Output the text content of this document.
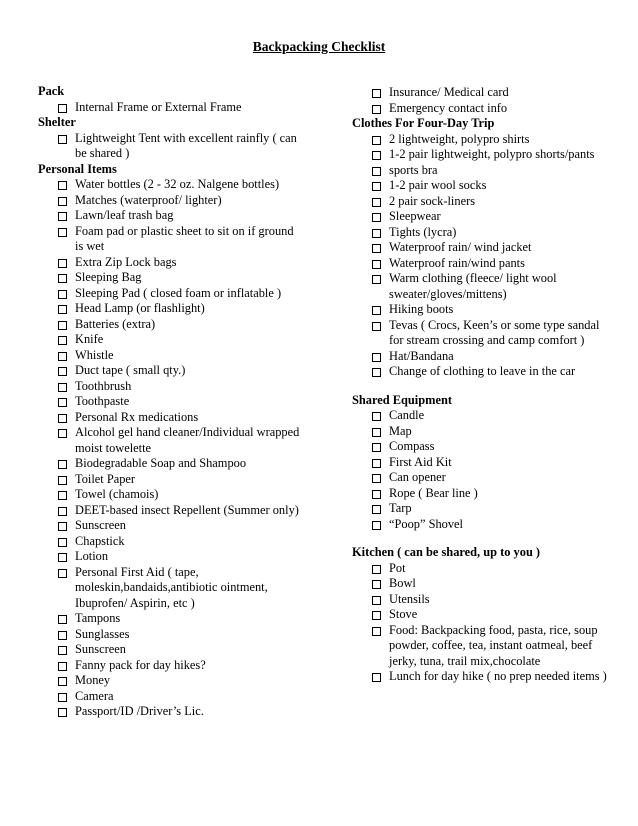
Backpacking Checklist
Pack
Internal Frame or External Frame
Shelter
Lightweight Tent with excellent rainfly ( can be shared )
Personal Items
Water bottles (2 - 32 oz. Nalgene bottles)
Matches (waterproof/ lighter)
Lawn/leaf trash bag
Foam pad or plastic sheet to sit on if ground is wet
Extra Zip Lock bags
Sleeping Bag
Sleeping Pad ( closed foam or inflatable )
Head Lamp (or flashlight)
Batteries (extra)
Knife
Whistle
Duct tape ( small qty.)
Toothbrush
Toothpaste
Personal Rx medications
Alcohol gel hand cleaner/Individual wrapped moist towelette
Biodegradable Soap and Shampoo
Toilet Paper
Towel (chamois)
DEET-based insect Repellent (Summer only)
Sunscreen
Chapstick
Lotion
Personal First Aid ( tape, moleskin,bandaids,antibiotic ointment, Ibuprofen/ Aspirin, etc )
Tampons
Sunglasses
Sunscreen
Fanny pack for day hikes?
Money
Camera
Passport/ID /Driver’s Lic.
Insurance/ Medical card
Emergency contact info
Clothes For Four-Day Trip
2 lightweight, polypro shirts
1-2 pair lightweight, polypro shorts/pants
sports bra
1-2 pair wool socks
2 pair sock-liners
Sleepwear
Tights (lycra)
Waterproof rain/ wind jacket
Waterproof rain/wind pants
Warm clothing (fleece/ light wool sweater/gloves/mittens)
Hiking boots
Tevas ( Crocs, Keen’s or some type sandal for stream crossing and camp comfort )
Hat/Bandana
Change of clothing to leave in the car
Shared Equipment
Candle
Map
Compass
First Aid Kit
Can opener
Rope ( Bear line )
Tarp
“Poop” Shovel
Kitchen ( can be shared, up to you )
Pot
Bowl
Utensils
Stove
Food: Backpacking food, pasta, rice, soup powder, coffee, tea, instant oatmeal, beef jerky, tuna, trail mix,chocolate
Lunch for day hike ( no prep needed items )
